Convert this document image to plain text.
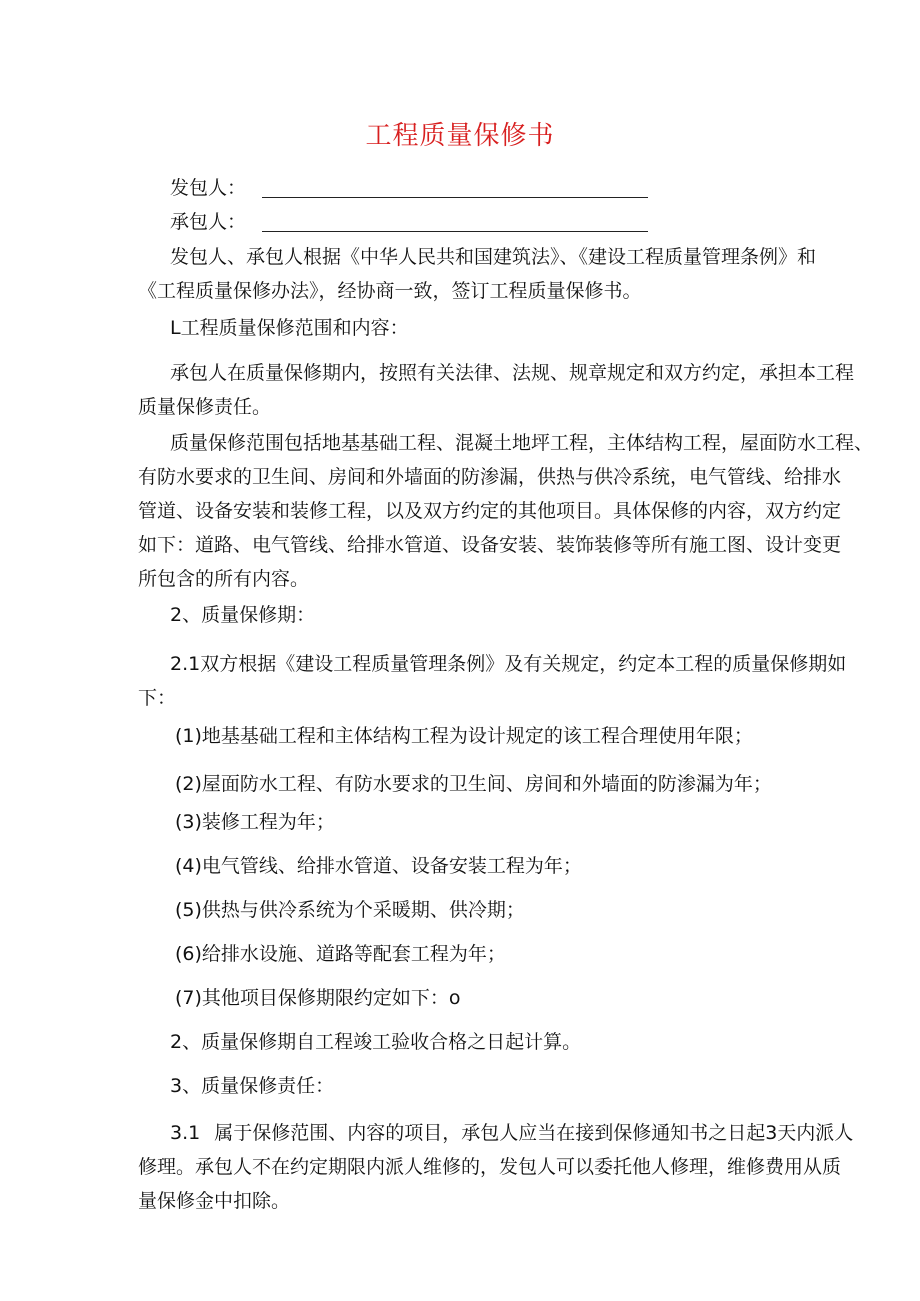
工程质量保修书
发包人：
承包人：
发包人、承包人根据《中华人民共和国建筑法》、《建设工程质量管理条例》和
《工程质量保修办法》，经协商一致，签订工程质量保修书。
L工程质量保修范围和内容：
承包人在质量保修期内，按照有关法律、法规、规章规定和双方约定，承担本工程
质量保修责任。
质量保修范围包括地基基础工程、混凝土地坪工程，主体结构工程，屋面防水工程、
有防水要求的卫生间、房间和外墙面的防渗漏，供热与供冷系统，电气管线、给排水
管道、设备安装和装修工程，以及双方约定的其他项目。具体保修的内容，双方约定
如下：道路、电气管线、给排水管道、设备安装、装饰装修等所有施工图、设计变更
所包含的所有内容。
2、质量保修期：
2.1双方根据《建设工程质量管理条例》及有关规定，约定本工程的质量保修期如
下：
(1)地基基础工程和主体结构工程为设计规定的该工程合理使用年限；
(2)屋面防水工程、有防水要求的卫生间、房间和外墙面的防渗漏为年；
(3)装修工程为年；
(4)电气管线、给排水管道、设备安装工程为年；
(5)供热与供冷系统为个采暖期、供冷期；
(6)给排水设施、道路等配套工程为年；
(7)其他项目保修期限约定如下：o
2、质量保修期自工程竣工验收合格之日起计算。
3、质量保修责任：
3.1 属于保修范围、内容的项目，承包人应当在接到保修通知书之日起3天内派人
修理。承包人不在约定期限内派人维修的，发包人可以委托他人修理，维修费用从质
量保修金中扣除。
